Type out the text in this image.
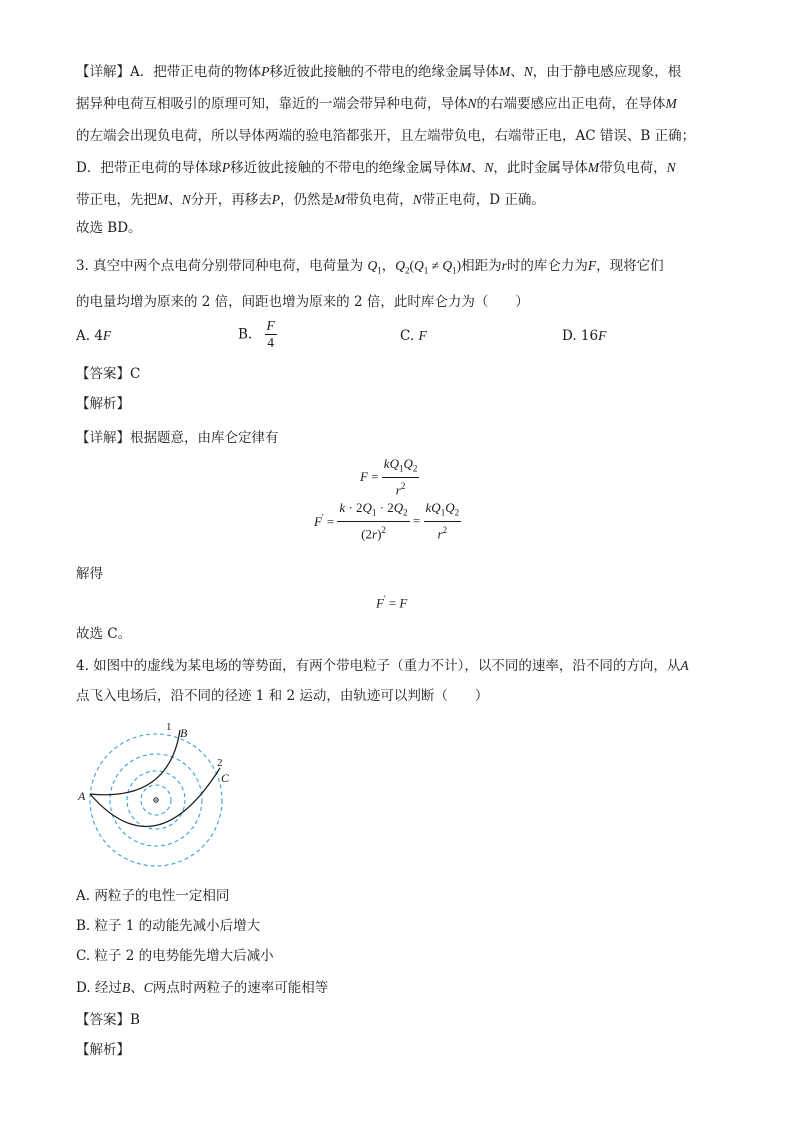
【详解】A．把带正电荷的物体P移近彼此接触的不带电的绝缘金属导体M、N，由于静电感应现象，根
据异种电荷互相吸引的原理可知，靠近的一端会带异种电荷，导体N的右端要感应出正电荷，在导体M
的左端会出现负电荷，所以导体两端的验电箔都张开，且左端带负电，右端带正电，AC 错误、B 正确；
D．把带正电荷的导体球P移近彼此接触的不带电的绝缘金属导体M、N，此时金属导体M带负电荷，N
带正电，先把M、N分开，再移去P，仍然是M带负电荷，N带正电荷，D 正确。
故选 BD。
3. 真空中两个点电荷分别带同种电荷，电荷量为 $Q_1$，$Q_2(Q_1 \ne Q_1)$相距为r时的库仑力为F，现将它们
的电量均增为原来的 2 倍，间距也增为原来的 2 倍，此时库仑力为（　　）
A. 4F	B. $\frac{F}{4}$	C. F	D. 16F
【答案】C
【解析】
【详解】根据题意，由库仑定律有
$F = \frac{kQ_1Q_2}{r^2}$
$F' = \frac{k \cdot 2Q_1 \cdot 2Q_2}{(2r)^2} = \frac{kQ_1Q_2}{r^2}$
解得
F' = F
故选 C。
4. 如图中的虚线为某电场的等势面，有两个带电粒子（重力不计），以不同的速率，沿不同的方向，从A
点飞入电场后，沿不同的径迹 1 和 2 运动，由轨迹可以判断（　　）
A
B
C
1
2
A. 两粒子的电性一定相同
B. 粒子 1 的动能先减小后增大
C. 粒子 2 的电势能先增大后减小
D. 经过B、C两点时两粒子的速率可能相等
【答案】B
【解析】
